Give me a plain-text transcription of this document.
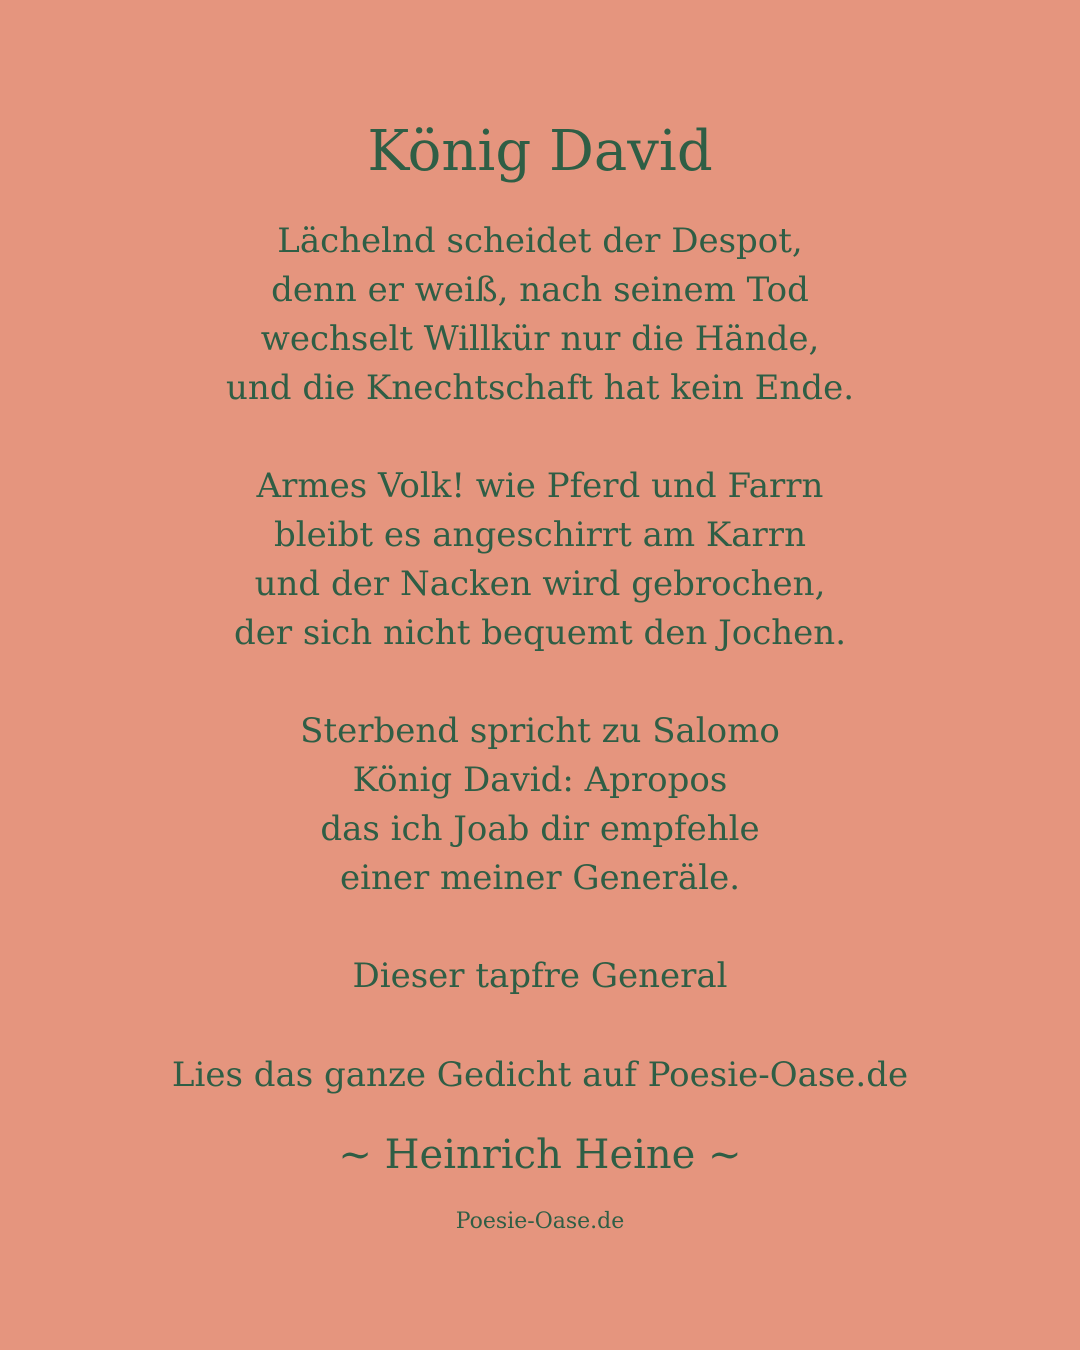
König David
Lächelnd scheidet der Despot,
denn er weiß, nach seinem Tod
wechselt Willkür nur die Hände,
und die Knechtschaft hat kein Ende.
Armes Volk! wie Pferd und Farrn
bleibt es angeschirrt am Karrn
und der Nacken wird gebrochen,
der sich nicht bequemt den Jochen.
Sterbend spricht zu Salomo
König David: Apropos
das ich Joab dir empfehle
einer meiner Generäle.
Dieser tapfre General
Lies das ganze Gedicht auf Poesie-Oase.de
~ Heinrich Heine ~
Poesie-Oase.de
